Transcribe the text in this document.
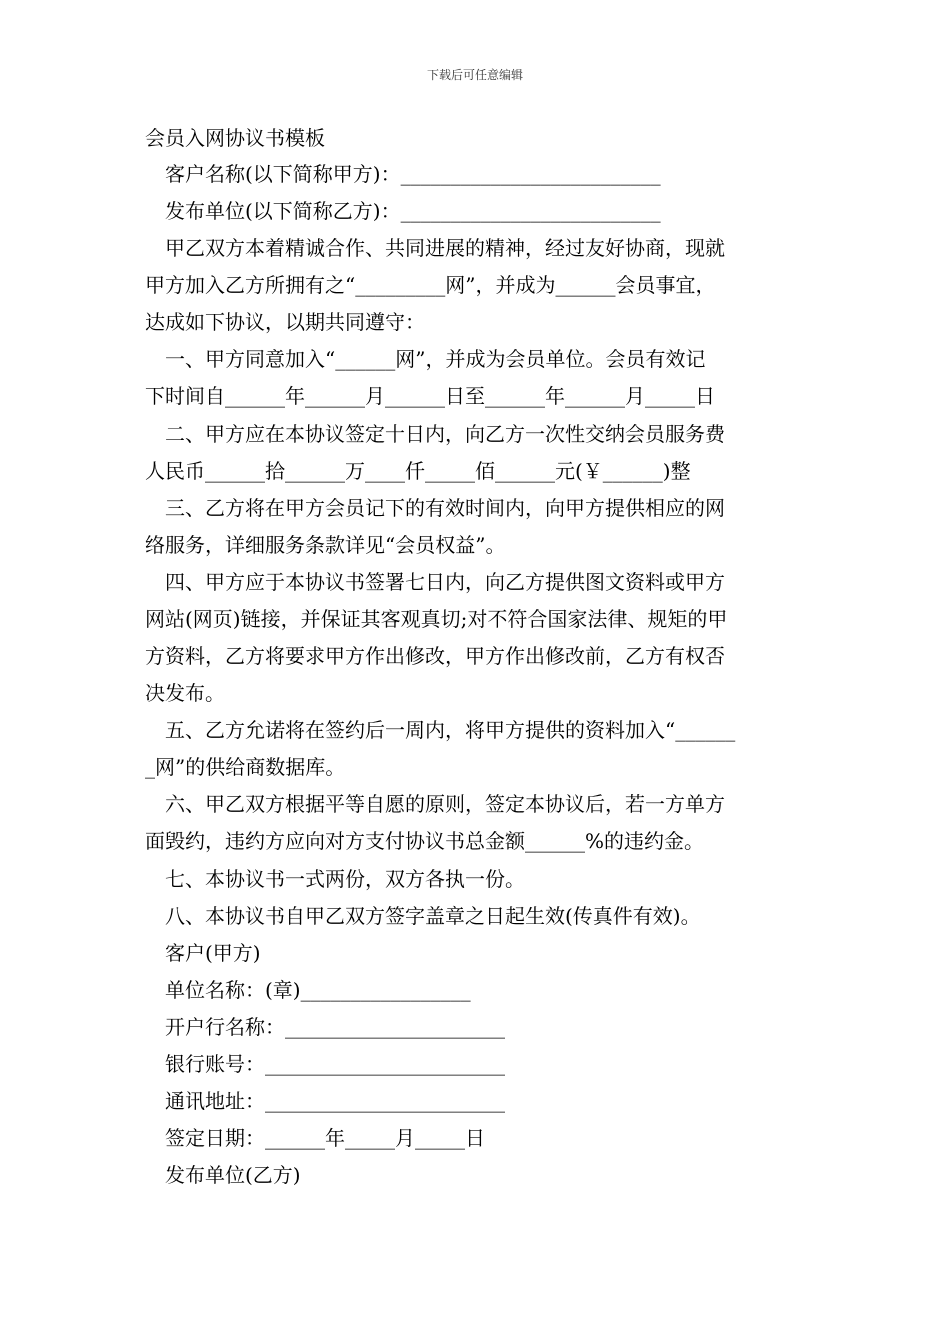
下载后可任意编辑
会员入网协议书模板
客户名称(以下简称甲方)：__________________________
发布单位(以下简称乙方)：__________________________
甲乙双方本着精诚合作、共同进展的精神，经过友好协商，现就
甲方加入乙方所拥有之“_________网”，并成为______会员事宜，
达成如下协议，以期共同遵守：
一、甲方同意加入“______网”，并成为会员单位。会员有效记
下时间自______年______月______日至______年______月_____日
二、甲方应在本协议签定十日内，向乙方一次性交纳会员服务费
人民币______拾______万____仟_____佰______元(￥______)整
三、乙方将在甲方会员记下的有效时间内，向甲方提供相应的网
络服务，详细服务条款详见“会员权益”。
四、甲方应于本协议书签署七日内，向乙方提供图文资料或甲方
网站(网页)链接，并保证其客观真切;对不符合国家法律、规矩的甲
方资料，乙方将要求甲方作出修改，甲方作出修改前，乙方有权否
决发布。
五、乙方允诺将在签约后一周内，将甲方提供的资料加入“______
_网”的供给商数据库。
六、甲乙双方根据平等自愿的原则，签定本协议后，若一方单方
面毁约，违约方应向对方支付协议书总金额______%的违约金。
七、本协议书一式两份，双方各执一份。
八、本协议书自甲乙双方签字盖章之日起生效(传真件有效)。
客户(甲方)
单位名称：(章)_________________
开户行名称：______________________
银行账号：________________________
通讯地址：________________________
签定日期：______年_____月_____日
发布单位(乙方)
